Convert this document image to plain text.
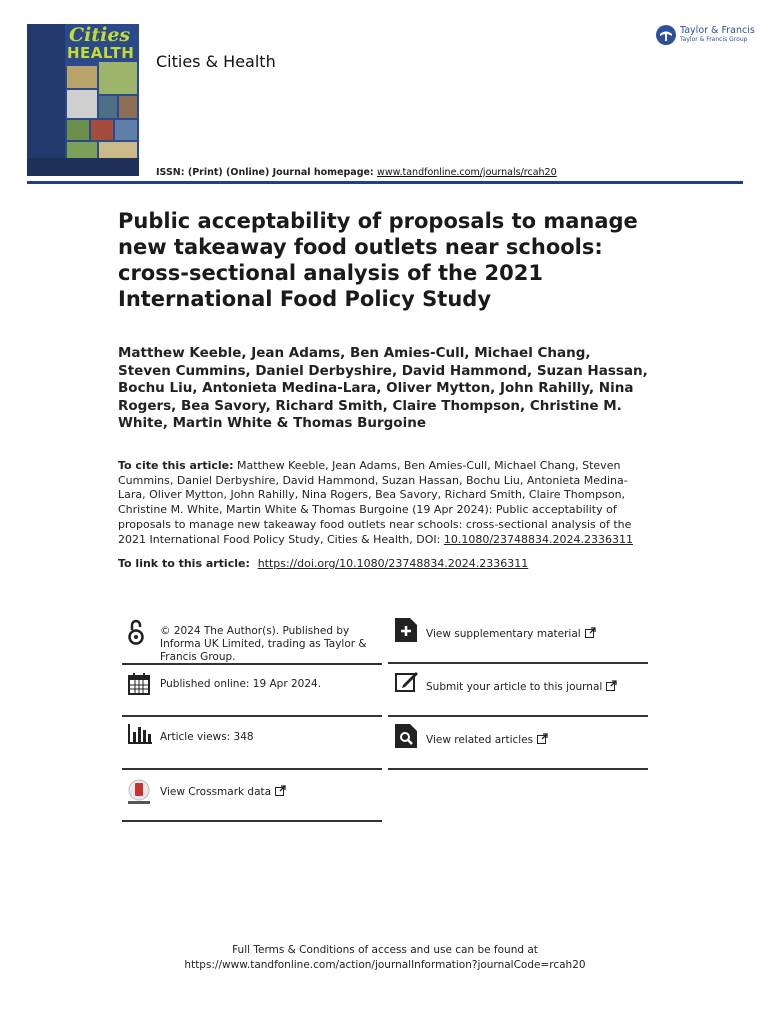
Cities
HEALTH Cities & Health
ISSN: (Print) (Online) Journal homepage: www.tandfonline.com/journals/rcah20
Taylor & Francis
Taylor & Francis Group
Public acceptability of proposals to manage new takeaway food outlets near schools: cross-sectional analysis of the 2021 International Food Policy Study
Matthew Keeble, Jean Adams, Ben Amies-Cull, Michael Chang, Steven Cummins, Daniel Derbyshire, David Hammond, Suzan Hassan, Bochu Liu, Antonieta Medina-Lara, Oliver Mytton, John Rahilly, Nina Rogers, Bea Savory, Richard Smith, Claire Thompson, Christine M. White, Martin White & Thomas Burgoine
To cite this article: Matthew Keeble, Jean Adams, Ben Amies-Cull, Michael Chang, Steven Cummins, Daniel Derbyshire, David Hammond, Suzan Hassan, Bochu Liu, Antonieta Medina-Lara, Oliver Mytton, John Rahilly, Nina Rogers, Bea Savory, Richard Smith, Claire Thompson, Christine M. White, Martin White & Thomas Burgoine (19 Apr 2024): Public acceptability of proposals to manage new takeaway food outlets near schools: cross-sectional analysis of the 2021 International Food Policy Study, Cities & Health, DOI: 10.1080/23748834.2024.2336311
To link to this article: https://doi.org/10.1080/23748834.2024.2336311
© 2024 The Author(s). Published by Informa UK Limited, trading as Taylor & Francis Group.
Published online: 19 Apr 2024.
Article views: 348
View Crossmark data
View supplementary material
Submit your article to this journal
View related articles
Full Terms & Conditions of access and use can be found at
https://www.tandfonline.com/action/journalInformation?journalCode=rcah20
